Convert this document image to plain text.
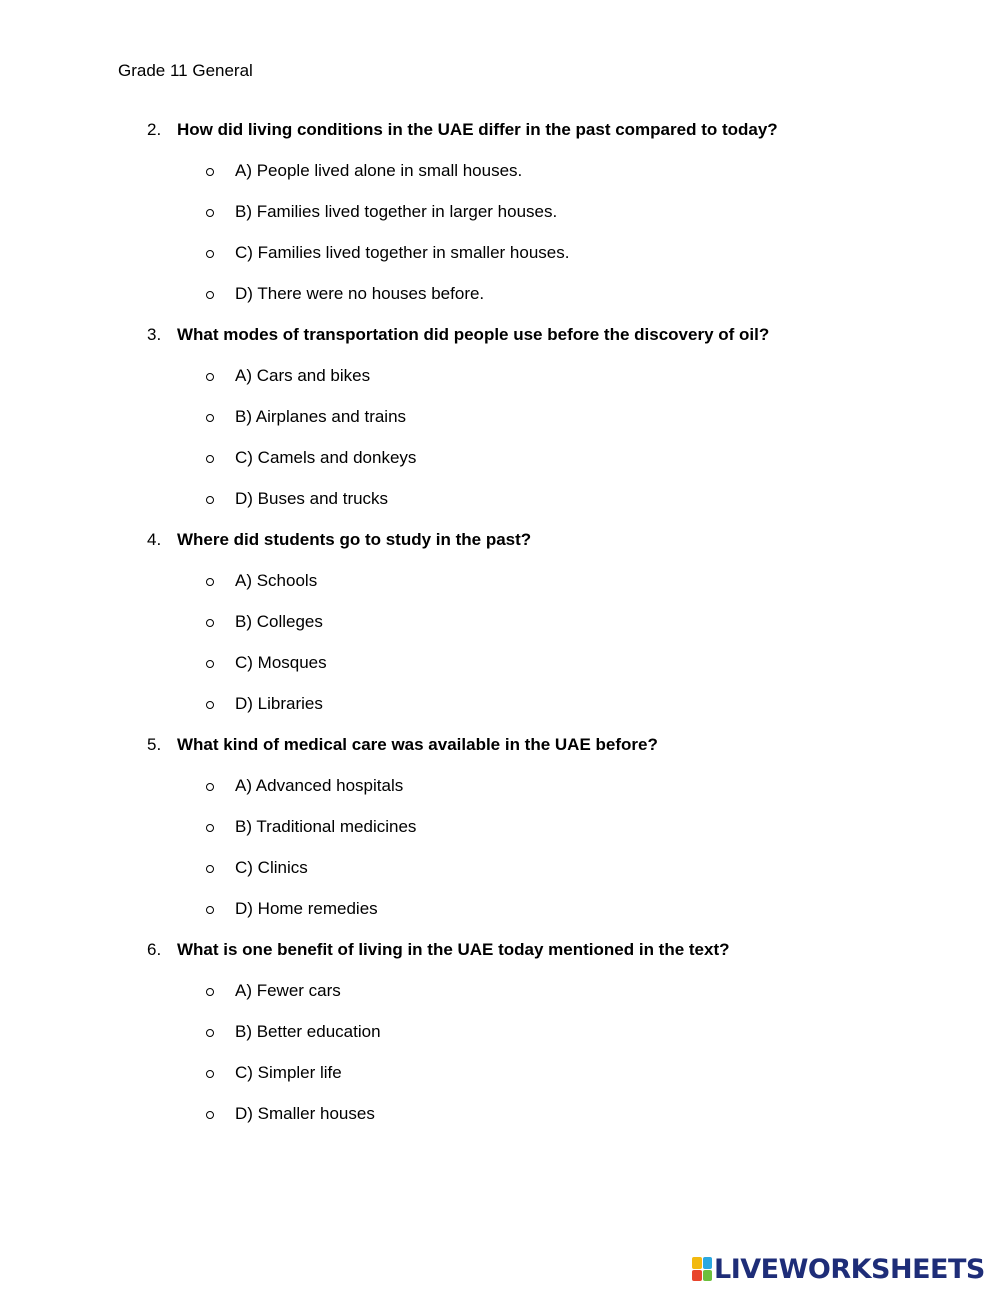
Grade 11 General
2. How did living conditions in the UAE differ in the past compared to today?
A) People lived alone in small houses.
B) Families lived together in larger houses.
C) Families lived together in smaller houses.
D) There were no houses before.
3. What modes of transportation did people use before the discovery of oil?
A) Cars and bikes
B) Airplanes and trains
C) Camels and donkeys
D) Buses and trucks
4. Where did students go to study in the past?
A) Schools
B) Colleges
C) Mosques
D) Libraries
5. What kind of medical care was available in the UAE before?
A) Advanced hospitals
B) Traditional medicines
C) Clinics
D) Home remedies
6. What is one benefit of living in the UAE today mentioned in the text?
A) Fewer cars
B) Better education
C) Simpler life
D) Smaller houses
LIVEWORKSHEETS
